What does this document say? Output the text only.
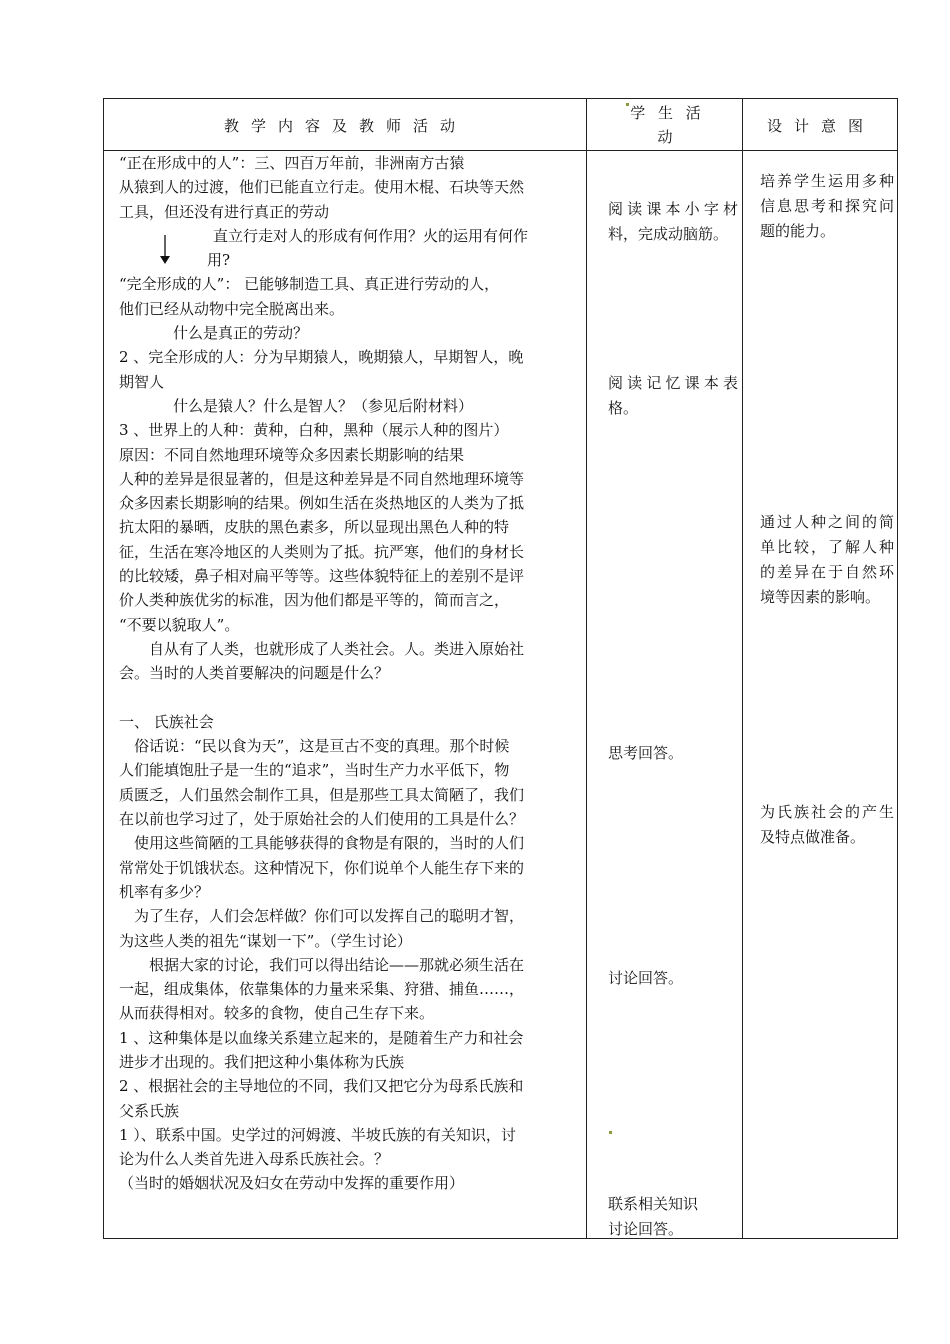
教学内容及教师活动
学 生 活
动
设计意图

“正在形成中的人”：三、四百万年前，非洲南方古猿

从猿到人的过渡，他们已能直立行走。使用木棍、石块等天然

工具，但还没有进行真正的劳动

直立行走对人的形成有何作用？火的运用有何作

用?

“完全形成的人”： 已能够制造工具、真正进行劳动的人，

他们已经从动物中完全脱离出来。

什么是真正的劳动？

2 、完全形成的人：分为早期猿人，晚期猿人，早期智人，晚

期智人

什么是猿人？什么是智人？（参见后附材料）

3 、世界上的人种：黄种，白种，黑种（展示人种的图片）

原因：不同自然地理环境等众多因素长期影响的结果

人种的差异是很显著的，但是这种差异是不同自然地理环境等

众多因素长期影响的结果。例如生活在炎热地区的人类为了抵

抗太阳的暴晒，皮肤的黑色素多，所以显现出黑色人种的特

征，生活在寒冷地区的人类则为了抵。抗严寒，他们的身材长

的比较矮，鼻子相对扁平等等。这些体貌特征上的差别不是评

价人类种族优劣的标准，因为他们都是平等的，简而言之，

“不要以貌取人”。

自从有了人类，也就形成了人类社会。人。类进入原始社

会。当时的人类首要解决的问题是什么？

一、 氏族社会

俗话说：“民以食为天”，这是亘古不变的真理。那个时候

人们能填饱肚子是一生的“追求”，当时生产力水平低下，物

质匮乏，人们虽然会制作工具，但是那些工具太简陋了，我们

在以前也学习过了，处于原始社会的人们使用的工具是什么？

使用这些简陋的工具能够获得的食物是有限的，当时的人们

常常处于饥饿状态。这种情况下，你们说单个人能生存下来的

机率有多少？

为了生存，人们会怎样做？你们可以发挥自己的聪明才智，

为这些人类的祖先“谋划一下”。（学生讨论）

根据大家的讨论，我们可以得出结论——那就必须生活在

一起，组成集体，依靠集体的力量来采集、狩猎、捕鱼……，

从而获得相对。较多的食物，使自己生存下来。

1 、这种集体是以血缘关系建立起来的，是随着生产力和社会

进步才出现的。我们把这种小集体称为氏族

2 、根据社会的主导地位的不同，我们又把它分为母系氏族和

父系氏族

1 ）、联系中国。史学过的河姆渡、半坡氏族的有关知识，讨

论为什么人类首先进入母系氏族社会。？

（当时的婚姻状况及妇女在劳动中发挥的重要作用）

阅读课本小字材料，完成动脑筋。
阅读记忆课本表格。
思考回答。
讨论回答。
联系相关知识
讨论回答。
培养学生运用多种信息思考和探究问题的能力。
通过人种之间的简单比较，了解人种的差异在于自然环境等因素的影响。
为氏族社会的产生及特点做准备。
